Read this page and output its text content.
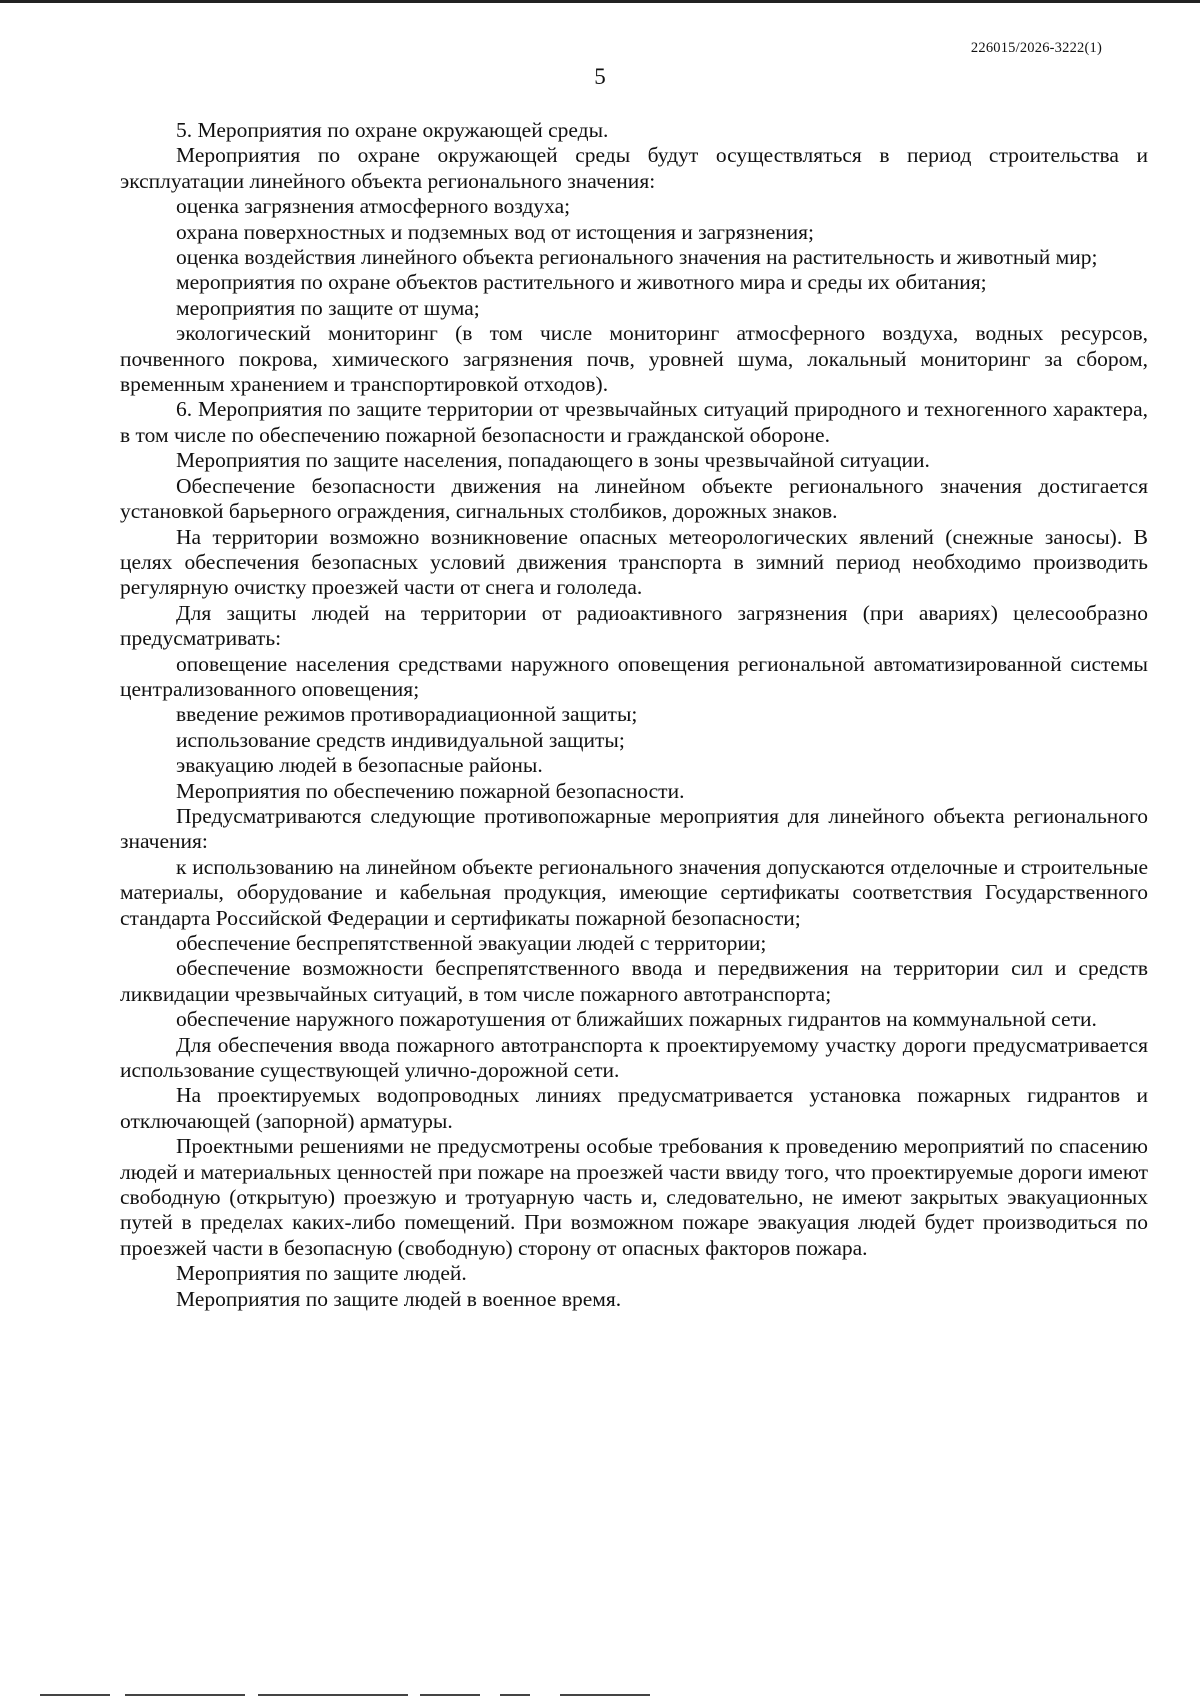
226015/2026-3222(1)
5

5. Мероприятия по охране окружающей среды.

Мероприятия по охране окружающей среды будут осуществляться в период строительства и эксплуатации линейного объекта регионального значения:

оценка загрязнения атмосферного воздуха;

охрана поверхностных и подземных вод от истощения и загрязнения;

оценка воздействия линейного объекта регионального значения на растительность и животный мир;

мероприятия по охране объектов растительного и животного мира и среды их обитания;

мероприятия по защите от шума;

экологический мониторинг (в том числе мониторинг атмосферного воздуха, водных ресурсов, почвенного покрова, химического загрязнения почв, уровней шума, локальный мониторинг за сбором, временным хранением и транспортировкой отходов).

6. Мероприятия по защите территории от чрезвычайных ситуаций природного и техногенного характера, в том числе по обеспечению пожарной безопасности и гражданской обороне.

Мероприятия по защите населения, попадающего в зоны чрезвычайной ситуации.

Обеспечение безопасности движения на линейном объекте регионального значения достигается установкой барьерного ограждения, сигнальных столбиков, дорожных знаков.

На территории возможно возникновение опасных метеорологических явлений (снежные заносы). В целях обеспечения безопасных условий движения транспорта в зимний период необходимо производить регулярную очистку проезжей части от снега и гололеда.

Для защиты людей на территории от радиоактивного загрязнения (при авариях) целесообразно предусматривать:

оповещение населения средствами наружного оповещения региональной автоматизированной системы централизованного оповещения;

введение режимов противорадиационной защиты;

использование средств индивидуальной защиты;

эвакуацию людей в безопасные районы.

Мероприятия по обеспечению пожарной безопасности.

Предусматриваются следующие противопожарные мероприятия для линейного объекта регионального значения:

к использованию на линейном объекте регионального значения допускаются отделочные и строительные материалы, оборудование и кабельная продукция, имеющие сертификаты соответствия Государственного стандарта Российской Федерации и сертификаты пожарной безопасности;

обеспечение беспрепятственной эвакуации людей с территории;

обеспечение возможности беспрепятственного ввода и передвижения на территории сил и средств ликвидации чрезвычайных ситуаций, в том числе пожарного автотранспорта;

обеспечение наружного пожаротушения от ближайших пожарных гидрантов на коммунальной сети.

Для обеспечения ввода пожарного автотранспорта к проектируемому участку дороги предусматривается использование существующей улично-дорожной сети.

На проектируемых водопроводных линиях предусматривается установка пожарных гидрантов и отключающей (запорной) арматуры.

Проектными решениями не предусмотрены особые требования к проведению мероприятий по спасению людей и материальных ценностей при пожаре на проезжей части ввиду того, что проектируемые дороги имеют свободную (открытую) проезжую и тротуарную часть и, следовательно, не имеют закрытых эвакуационных путей в пределах каких-либо помещений. При возможном пожаре эвакуация людей будет производиться по проезжей части в безопасную (свободную) сторону от опасных факторов пожара.

Мероприятия по защите людей.

Мероприятия по защите людей в военное время.
